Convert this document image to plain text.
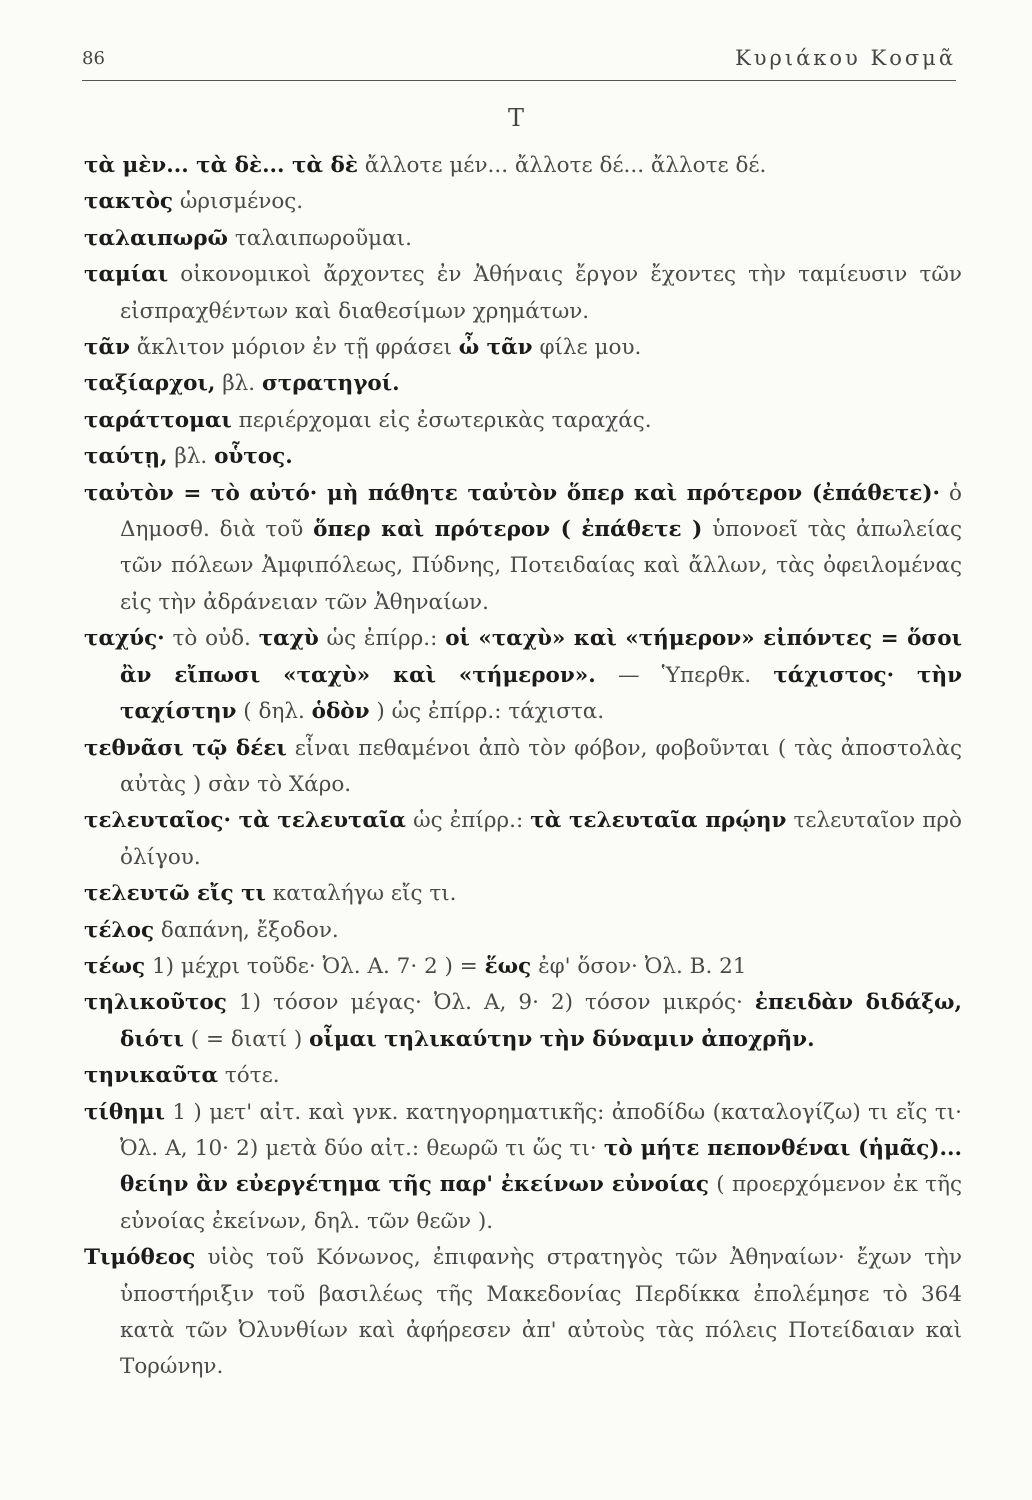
86	Κυριάκου Κοσμᾶ
Τ

τὰ μὲν... τὰ δὲ... τὰ δὲ ἄλλοτε μέν... ἄλλοτε δέ... ἄλλοτε δέ.

τακτὸς ὡρισμένος.

ταλαιπωρῶ ταλαιπωροῦμαι.

ταμίαι οἰκονομικοὶ ἄρχοντες ἐν Ἀθήναις ἔργον ἔχοντες τὴν ταμίευσιν τῶν εἰσπραχθέντων καὶ διαθεσίμων χρημάτων.

τᾶν ἄκλιτον μόριον ἐν τῇ φράσει ὦ τᾶν φίλε μου.

ταξίαρχοι, βλ. στρατηγοί.

ταράττομαι περιέρχομαι εἰς ἐσωτερικὰς ταραχάς.

ταύτῃ, βλ. οὗτος.

ταὐτὸν = τὸ αὐτό· μὴ πάθητε ταὐτὸν ὅπερ καὶ πρότερον (ἐπάθετε)· ὁ Δημοσθ. διὰ τοῦ ὅπερ καὶ πρότερον ( ἐπάθετε ) ὑπονοεῖ τὰς ἀπωλείας τῶν πόλεων Ἀμφιπόλεως, Πύδνης, Ποτειδαίας καὶ ἄλλων, τὰς ὀφειλομένας εἰς τὴν ἀδράνειαν τῶν Ἀθηναίων.

ταχύς· τὸ οὐδ. ταχὺ ὡς ἐπίρρ.: οἱ «ταχὺ» καὶ «τήμερον» εἰπόντες = ὅσοι ἂν εἴπωσι «ταχὺ» καὶ «τήμερον». — Ὑπερθκ. τάχιστος· τὴν ταχίστην ( δηλ. ὁδὸν ) ὡς ἐπίρρ.: τάχιστα.

τεθνᾶσι τῷ δέει εἶναι πεθαμένοι ἀπὸ τὸν φόβον, φοβοῦνται ( τὰς ἀποστολὰς αὐτὰς ) σὰν τὸ Χάρο.

τελευταῖος· τὰ τελευταῖα ὡς ἐπίρρ.: τὰ τελευταῖα πρῴην τελευταῖον πρὸ ὀλίγου.

τελευτῶ εἴς τι καταλήγω εἴς τι.

τέλος δαπάνη, ἔξοδον.

τέως 1) μέχρι τοῦδε· Ὀλ. Α. 7· 2 ) = ἕως ἐφ' ὅσον· Ὀλ. Β. 21

τηλικοῦτος 1) τόσον μέγας· Ὀλ. Α, 9· 2) τόσον μικρός· ἐπειδὰν διδάξω, διότι ( = διατί ) οἶμαι τηλικαύτην τὴν δύναμιν ἀποχρῆν.

τηνικαῦτα τότε.

τίθημι 1 ) μετ' αἰτ. καὶ γνκ. κατηγορηματικῆς: ἀποδίδω (καταλογίζω) τι εἴς τι· Ὀλ. Α, 10· 2) μετὰ δύο αἰτ.: θεωρῶ τι ὥς τι· τὸ μήτε πεπονθέναι (ἡμᾶς)... θείην ἂν εὐεργέτημα τῆς παρ' ἐκείνων εὐνοίας ( προερχόμενον ἐκ τῆς εὐνοίας ἐκείνων, δηλ. τῶν θεῶν ).

Τιμόθεος υἱὸς τοῦ Κόνωνος, ἐπιφανὴς στρατηγὸς τῶν Ἀθηναίων· ἔχων τὴν ὑποστήριξιν τοῦ βασιλέως τῆς Μακεδονίας Περδίκκα ἐπολέμησε τὸ 364 κατὰ τῶν Ὀλυνθίων καὶ ἀφήρεσεν ἀπ' αὐτοὺς τὰς πόλεις Ποτείδαιαν καὶ Τορώνην.
